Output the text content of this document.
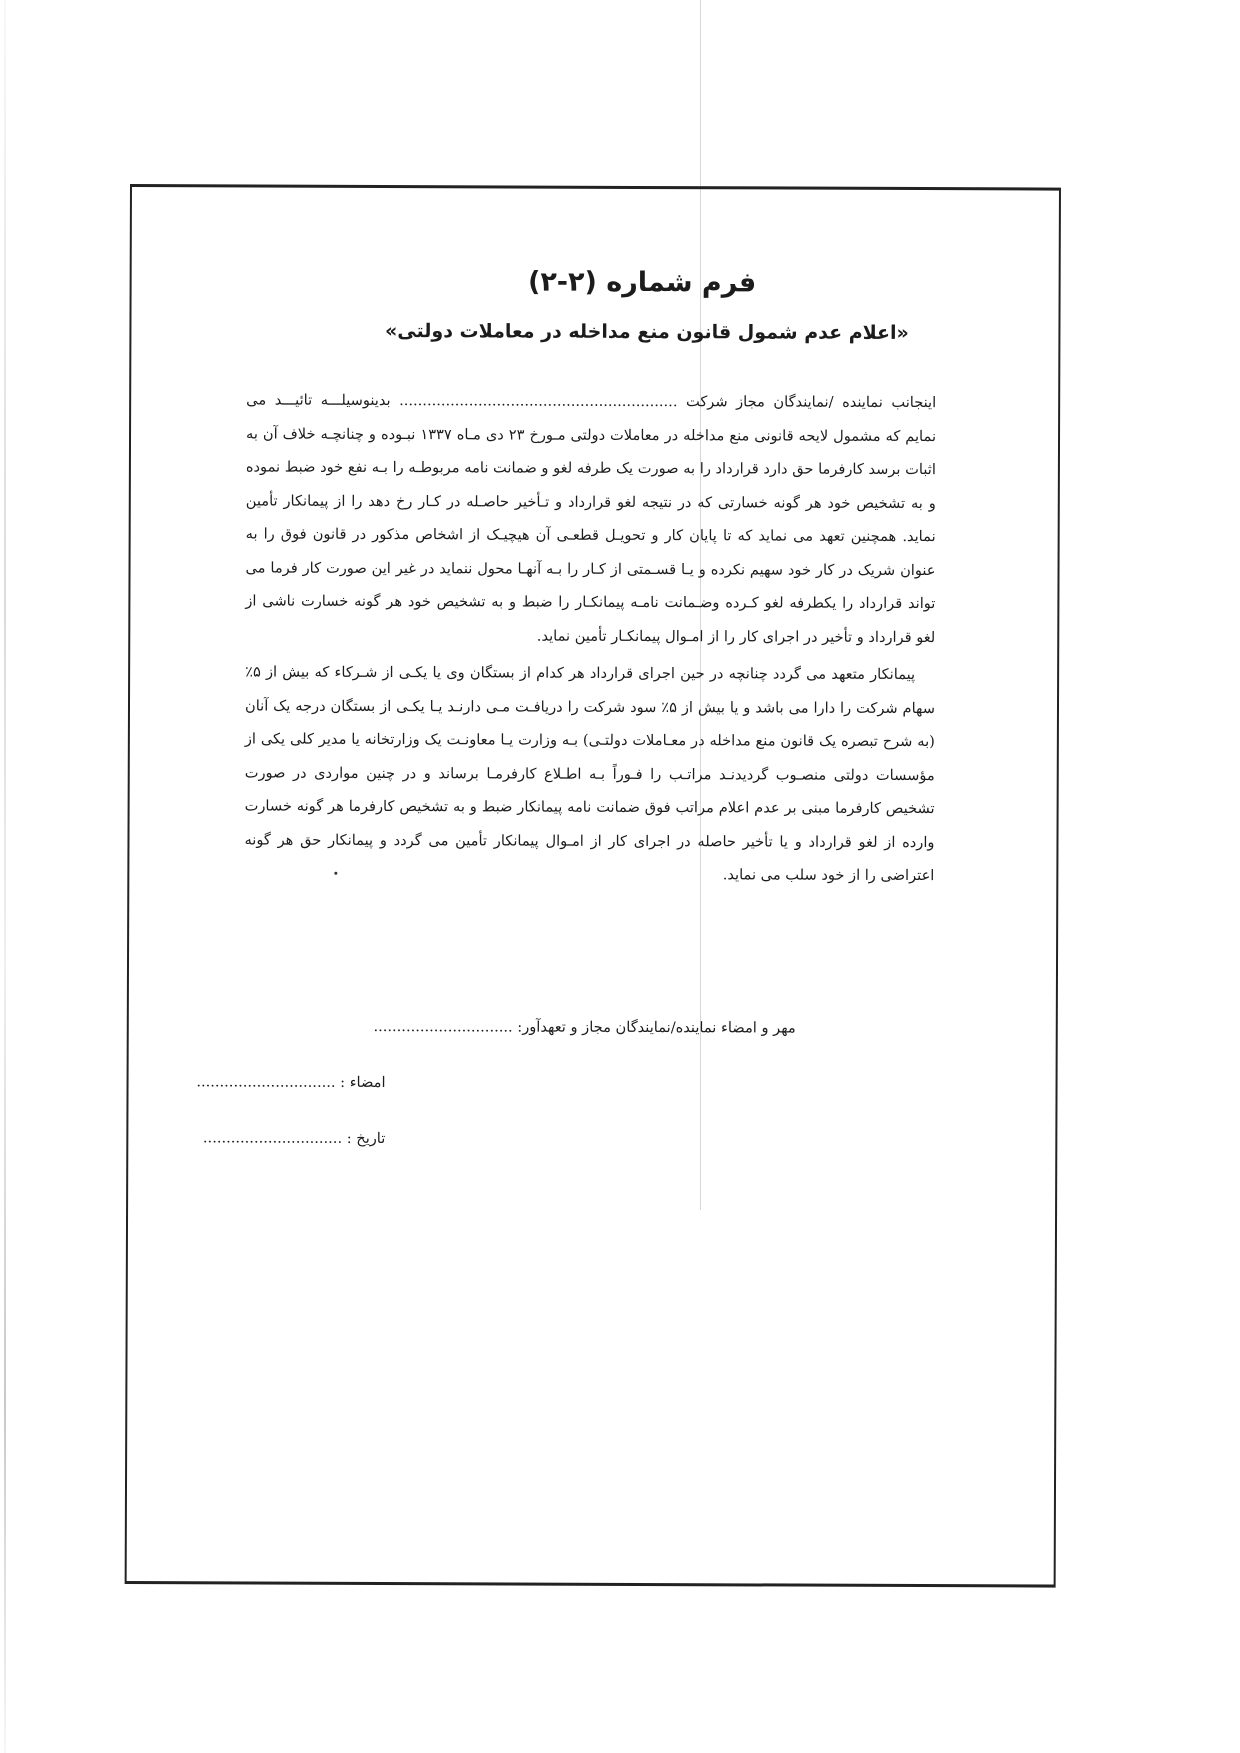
فرم شماره (۲-۲)
«اعلام عدم شمول قانون منع مداخله در معاملات دولتی»

اینجانب نماینده /نمایندگان مجاز شرکت ............................................................ بدینوسیلـــه تائیـــد می نمایم که مشمول لایحه قانونی منع مداخله در معاملات دولتی مـورخ ۲۳ دی مـاه ۱۳۳۷ نبـوده و چنانچـه خلاف آن به اثبات برسد کارفرما حق دارد قرارداد را به صورت یک طرفه لغو و ضمانت نامه مربوطـه را بـه نفع خود ضبط نموده و به تشخیص خود هر گونه خسارتی که در نتیجه لغو قرارداد و تـأخیر حاصـله در کـار رخ دهد را از پیمانکار تأمین نماید. همچنین تعهد می نماید که تا پایان کار و تحویـل قطعـی آن هیچیـک از اشخاص مذکور در قانون فوق را به عنوان شریک در کار خود سهیم نکرده و یـا قسـمتی از کـار را بـه آنهـا محول ننماید در غیر این صورت کار فرما می تواند قرارداد را یکطرفه لغو کـرده وضـمانت نامـه پیمانکـار را ضبط و به تشخیص خود هر گونه خسارت ناشی از لغو قرارداد و تأخیر در اجرای کار را از امـوال پیمانکـار تأمین نماید.

پیمانکار متعهد می گردد چنانچه در حین اجرای قرارداد هر کدام از بستگان وی یا یکـی از شـرکاء که بیش از ۵٪ سهام شرکت را دارا می باشد و یا بیش از ۵٪ سود شرکت را دریافـت مـی دارنـد یـا یکـی از بستگان درجه یک آنان (به شرح تبصره یک قانون منع مداخله در معـاملات دولتـی) بـه وزارت یـا معاونـت یک وزارتخانه یا مدیر کلی یکی از مؤسسات دولتی منصـوب گردیدنـد مراتـب را فـوراً بـه اطـلاع کارفرمـا برساند و در چنین مواردی در صورت تشخیص کارفرما مبنی بر عدم اعلام مراتب فوق ضمانت نامه پیمانکار ضبط و به تشخیص کارفرما هر گونه خسارت وارده از لغو قرارداد و یا تأخیر حاصله در اجرای کار از امـوال پیمانکار تأمین می گردد و پیمانکار حق هر گونه اعتراضی را از خود سلب می نماید.

مهر و امضاء نماینده/نمایندگان مجاز و تعهدآور: ..............................
امضاء : ..............................
تاریخ : ..............................
